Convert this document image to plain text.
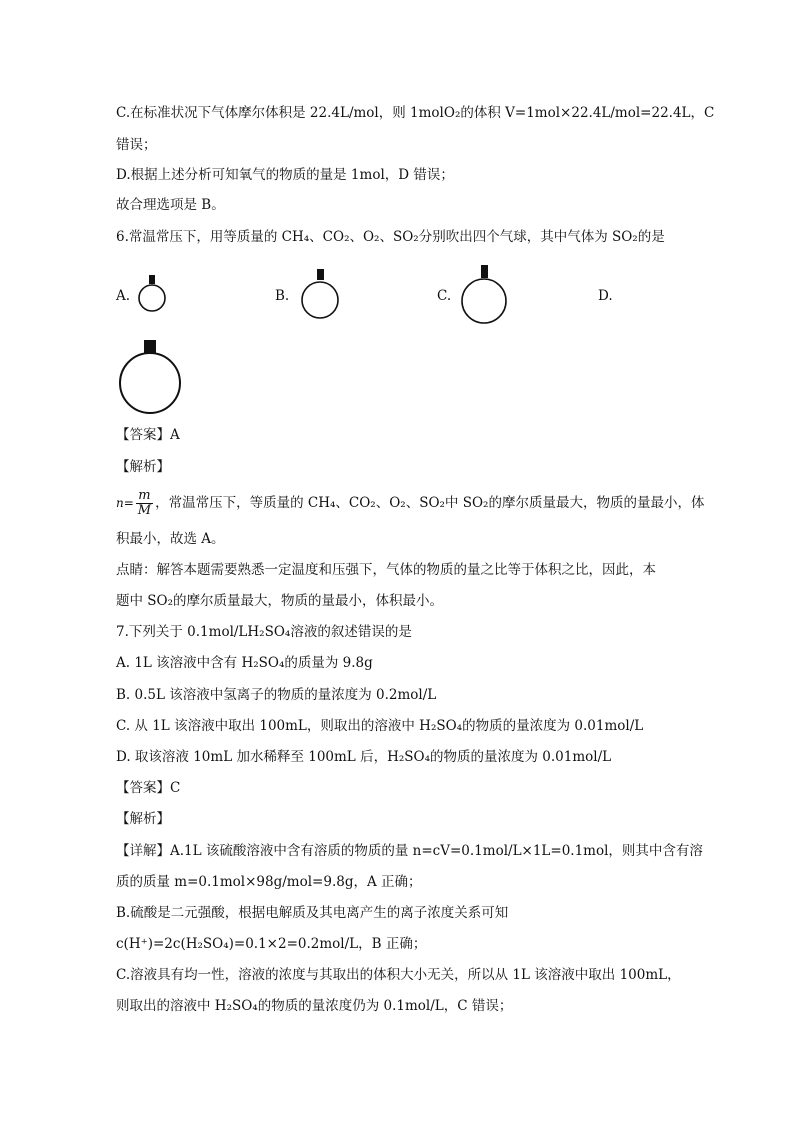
C.在标准状况下气体摩尔体积是 22.4L/mol，则 1molO₂的体积 V=1mol×22.4L/mol=22.4L，C
错误；
D.根据上述分析可知氧气的物质的量是 1mol，D 错误；
故合理选项是 B。
6.常温常压下，用等质量的 CH₄、CO₂、O₂、SO₂分别吹出四个气球，其中气体为 SO₂的是
A.	B.	C.	D.
【答案】A
【解析】
$n= \frac{m}{M}$ ，常温常压下，等质量的 CH₄、CO₂、O₂、SO₂中 SO₂的摩尔质量最大，物质的量最小，体
积最小，故选 A。
点睛：解答本题需要熟悉一定温度和压强下，气体的物质的量之比等于体积之比，因此，本
题中 SO₂的摩尔质量最大，物质的量最小，体积最小。
7.下列关于 0.1mol/LH₂SO₄溶液的叙述错误的是
A. 1L 该溶液中含有 H₂SO₄的质量为 9.8g
B. 0.5L 该溶液中氢离子的物质的量浓度为 0.2mol/L
C. 从 1L 该溶液中取出 100mL，则取出的溶液中 H₂SO₄的物质的量浓度为 0.01mol/L
D. 取该溶液 10mL 加水稀释至 100mL 后，H₂SO₄的物质的量浓度为 0.01mol/L
【答案】C
【解析】
【详解】A.1L 该硫酸溶液中含有溶质的物质的量 n=cV=0.1mol/L×1L=0.1mol，则其中含有溶
质的质量 m=0.1mol×98g/mol=9.8g，A 正确；
B.硫酸是二元强酸，根据电解质及其电离产生的离子浓度关系可知
c(H⁺)=2c(H₂SO₄)=0.1×2=0.2mol/L，B 正确；
C.溶液具有均一性，溶液的浓度与其取出的体积大小无关，所以从 1L 该溶液中取出 100mL，
则取出的溶液中 H₂SO₄的物质的量浓度仍为 0.1mol/L，C 错误；
